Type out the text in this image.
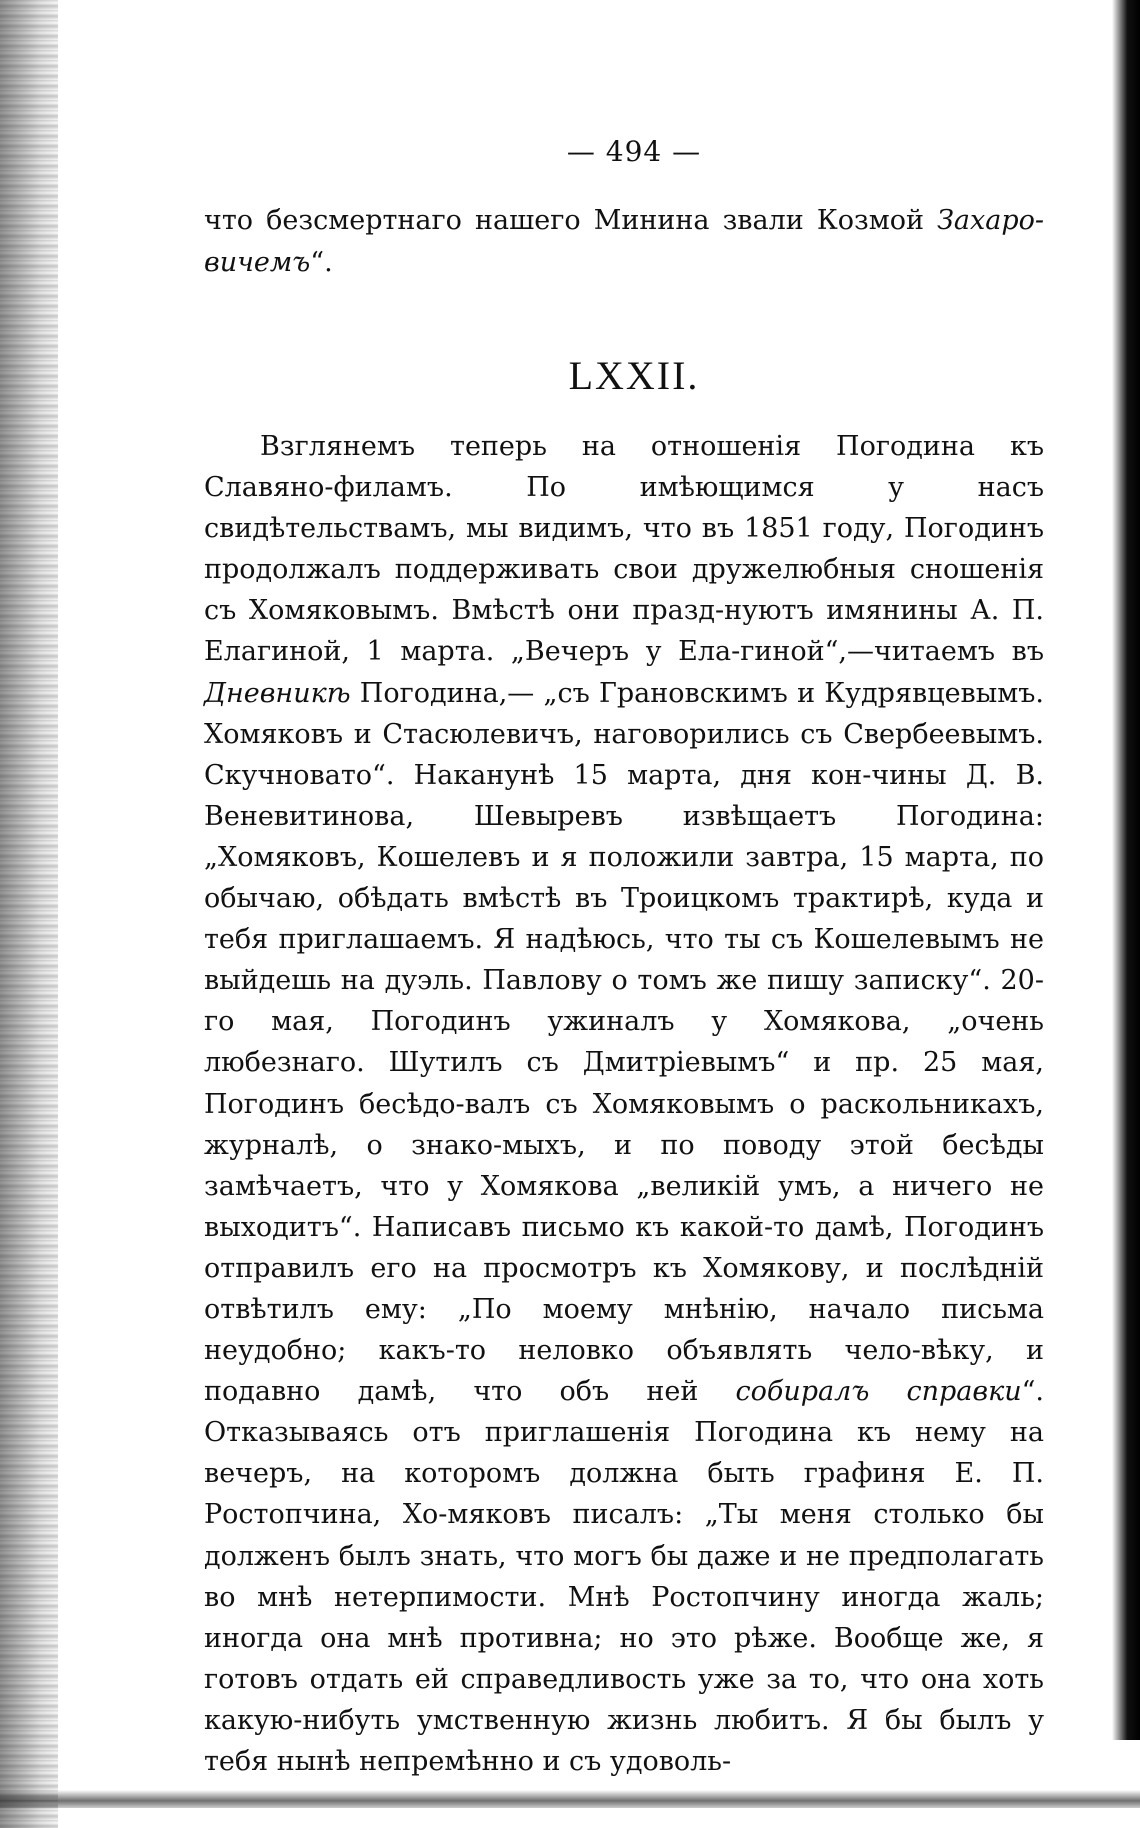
— 494 —
что безсмертнаго нашего Минина звали Козмой Захаро-вичемъ“.
LXXII.
Взглянемъ теперь на отношенія Погодина къ Славяно-филамъ. По имѣющимся у насъ свидѣтельствамъ, мы видимъ, что въ 1851 году, Погодинъ продолжалъ поддерживать свои дружелюбныя сношенія съ Хомяковымъ. Вмѣстѣ они празд-нуютъ имянины А. П. Елагиной, 1 марта. „Вечеръ у Ела-гиной“,—читаемъ въ Дневникѣ Погодина,— „съ Грановскимъ и Кудрявцевымъ. Хомяковъ и Стасюлевичъ, наговорились съ Свербеевымъ. Скучновато“. Наканунѣ 15 марта, дня кон-чины Д. В. Веневитинова, Шевыревъ извѣщаетъ Погодина: „Хомяковъ, Кошелевъ и я положили завтра, 15 марта, по обычаю, обѣдать вмѣстѣ въ Троицкомъ трактирѣ, куда и тебя приглашаемъ. Я надѣюсь, что ты съ Кошелевымъ не выйдешь на дуэль. Павлову о томъ же пишу записку“. 20-го мая, Погодинъ ужиналъ у Хомякова, „очень любезнаго. Шутилъ съ Дмитріевымъ“ и пр. 25 мая, Погодинъ бесѣдо-валъ съ Хомяковымъ о раскольникахъ, журналѣ, о знако-мыхъ, и по поводу этой бесѣды замѣчаетъ, что у Хомякова „великій умъ, а ничего не выходитъ“. Написавъ письмо къ какой-то дамѣ, Погодинъ отправилъ его на просмотръ къ Хомякову, и послѣдній отвѣтилъ ему: „По моему мнѣнію, начало письма неудобно; какъ-то неловко объявлять чело-вѣку, и подавно дамѣ, что объ ней собиралъ справки“. Отказываясь отъ приглашенія Погодина къ нему на вечеръ, на которомъ должна быть графиня Е. П. Ростопчина, Хо-мяковъ писалъ: „Ты меня столько бы долженъ былъ знать, что могъ бы даже и не предполагать во мнѣ нетерпимости. Мнѣ Ростопчину иногда жаль; иногда она мнѣ противна; но это рѣже. Вообще же, я готовъ отдать ей справедливость уже за то, что она хоть какую-нибуть умственную жизнь любитъ. Я бы былъ у тебя нынѣ непремѣнно и съ удоволь-
